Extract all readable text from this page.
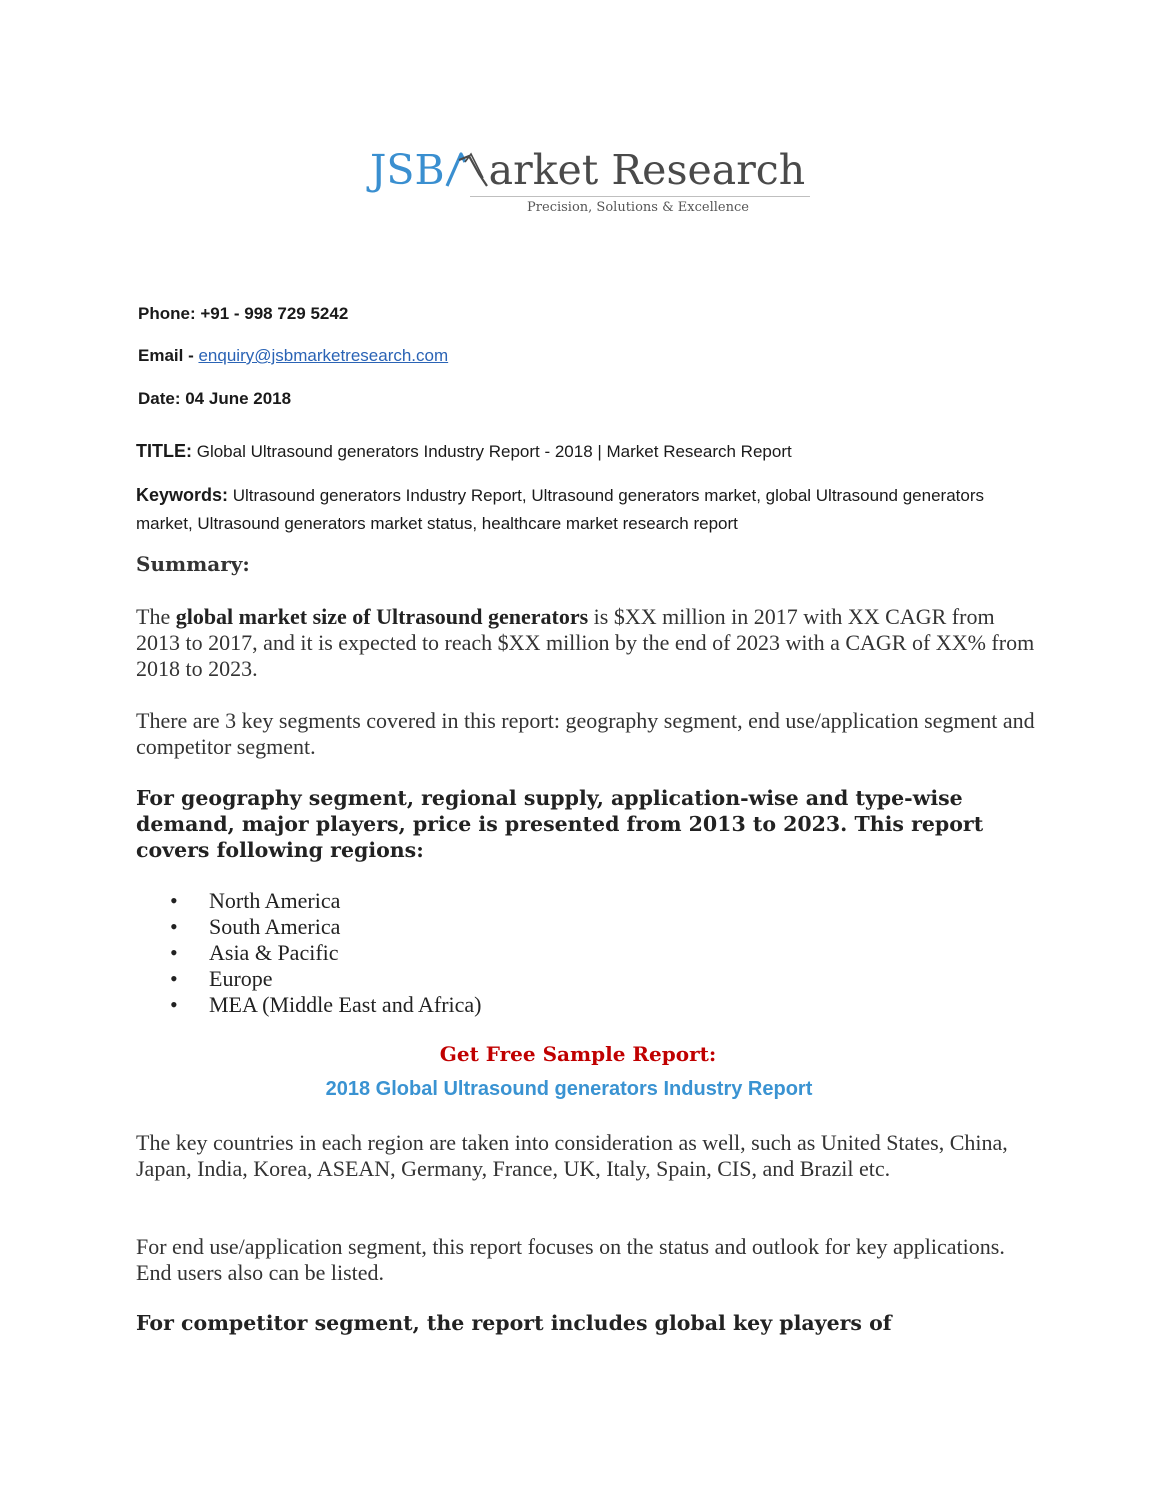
JSB arket Research
Precision, Solutions & Excellence
Phone: +91 - 998 729 5242
Email - enquiry@jsbmarketresearch.com
Date: 04 June 2018
TITLE: Global Ultrasound generators Industry Report - 2018 | Market Research Report
Keywords: Ultrasound generators Industry Report, Ultrasound generators market, global Ultrasound generators market, Ultrasound generators market status, healthcare market research report
Summary:
The global market size of Ultrasound generators is $XX million in 2017 with XX CAGR from 2013 to 2017, and it is expected to reach $XX million by the end of 2023 with a CAGR of XX% from 2018 to 2023.
There are 3 key segments covered in this report: geography segment, end use/application segment and competitor segment.
For geography segment, regional supply, application-wise and type-wise demand, major players, price is presented from 2013 to 2023. This report covers following regions:
• North America
• South America
• Asia & Pacific
• Europe
• MEA (Middle East and Africa)
Get Free Sample Report:
2018 Global Ultrasound generators Industry Report
The key countries in each region are taken into consideration as well, such as United States, China, Japan, India, Korea, ASEAN, Germany, France, UK, Italy, Spain, CIS, and Brazil etc.
For end use/application segment, this report focuses on the status and outlook for key applications. End users also can be listed.
For competitor segment, the report includes global key players of
